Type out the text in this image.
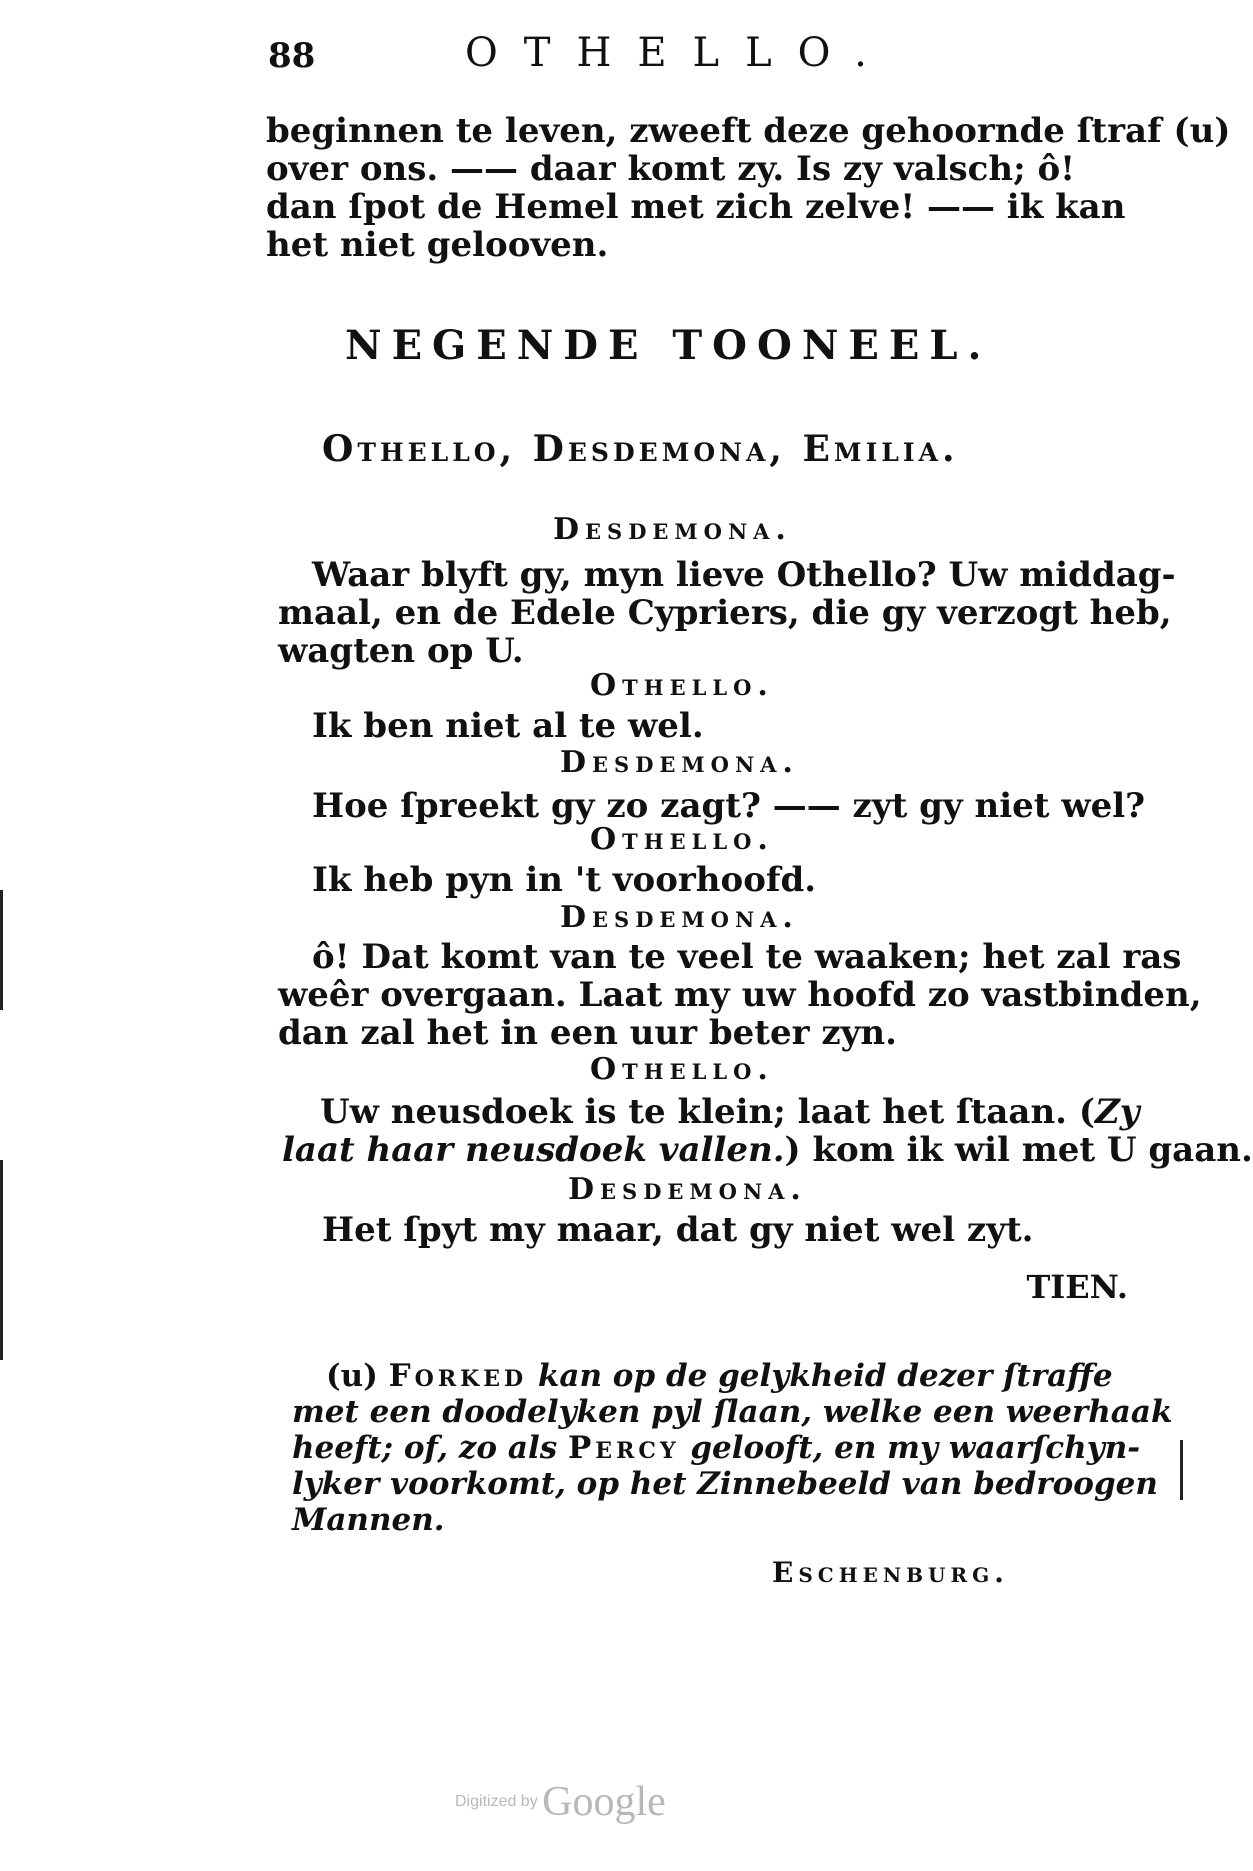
88	OTHELLO.
beginnen te leven, zweeft deze gehoornde ſtraf (u)
over ons. —— daar komt zy. Is zy valsch; ô!
dan ſpot de Hemel met zich zelve! —— ik kan
het niet gelooven.
NEGENDE TOONEEL.
Othello, Desdemona, Emilia.
Desdemona.
Waar blyft gy, myn lieve Othello? Uw middag-
maal, en de Edele Cypriers, die gy verzogt heb,
wagten op U.
Othello.
Ik ben niet al te wel.
Desdemona.
Hoe ſpreekt gy zo zagt? —— zyt gy niet wel?
Othello.
Ik heb pyn in 't voorhoofd.
Desdemona.
ô! Dat komt van te veel te waaken; het zal ras
weêr overgaan. Laat my uw hoofd zo vastbinden,
dan zal het in een uur beter zyn.
Othello.
Uw neusdoek is te klein; laat het ſtaan. (Zy
laat haar neusdoek vallen.) kom ik wil met U gaan.
Desdemona.
Het ſpyt my maar, dat gy niet wel zyt.
TIEN.
(u) Forked kan op de gelykheid dezer ſtraffe
met een doodelyken pyl ſlaan, welke een weerhaak
heeft; of, zo als Percy gelooft, en my waarſchyn-
lyker voorkomt, op het Zinnebeeld van bedroogen
Mannen.
Eschenburg.
Digitized by Google
